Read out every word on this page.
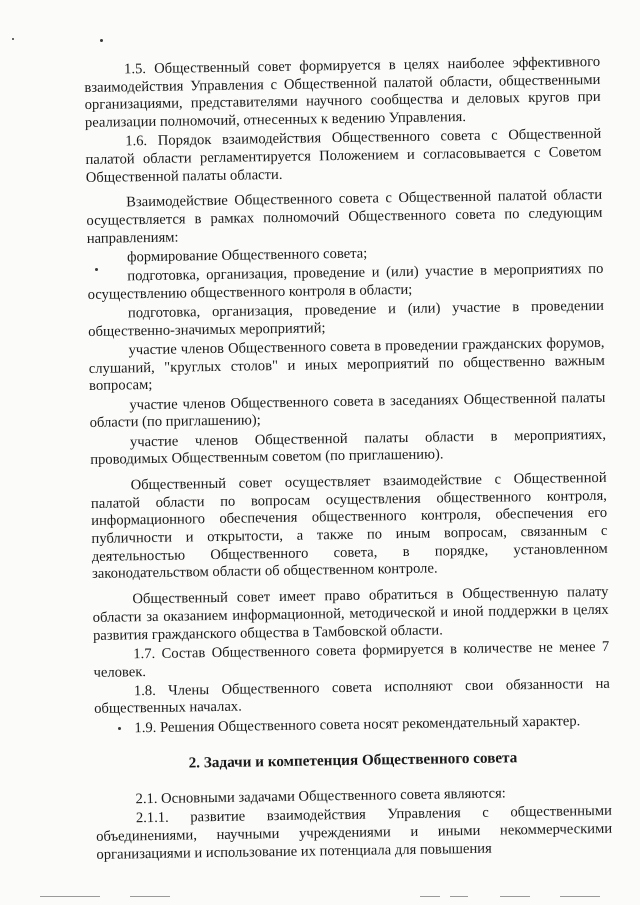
1.5. Общественный совет формируется в целях наиболее эффективного взаимодействия Управления с Общественной палатой области, общественными организациями, представителями научного сообщества и деловых кругов при реализации полномочий, отнесенных к ведению Управления.

1.6. Порядок взаимодействия Общественного совета с Общественной палатой области регламентируется Положением и согласовывается с Советом Общественной палаты области.

Взаимодействие Общественного совета с Общественной палатой области осуществляется в рамках полномочий Общественного совета по следующим направлениям:

формирование Общественного совета;

подготовка, организация, проведение и (или) участие в мероприятиях по осуществлению общественного контроля в области;

подготовка, организация, проведение и (или) участие в проведении общественно-значимых мероприятий;

участие членов Общественного совета в проведении гражданских форумов, слушаний, "круглых столов" и иных мероприятий по общественно важным вопросам;

участие членов Общественного совета в заседаниях Общественной палаты области (по приглашению);

участие членов Общественной палаты области в мероприятиях, проводимых Общественным советом (по приглашению).

Общественный совет осуществляет взаимодействие с Общественной палатой области по вопросам осуществления общественного контроля, информационного обеспечения общественного контроля, обеспечения его публичности и открытости, а также по иным вопросам, связанным с деятельностью Общественного совета, в порядке, установленном законодательством области об общественном контроле.

Общественный совет имеет право обратиться в Общественную палату области за оказанием информационной, методической и иной поддержки в целях развития гражданского общества в Тамбовской области.

1.7. Состав Общественного совета формируется в количестве не менее 7 человек.

1.8. Члены Общественного совета исполняют свои обязанности на общественных началах.

1.9. Решения Общественного совета носят рекомендательный характер.

2. Задачи и компетенция Общественного совета

2.1. Основными задачами Общественного совета являются:

2.1.1. развитие взаимодействия Управления с общественными объединениями, научными учреждениями и иными некоммерческими организациями и использование их потенциала для повышения
